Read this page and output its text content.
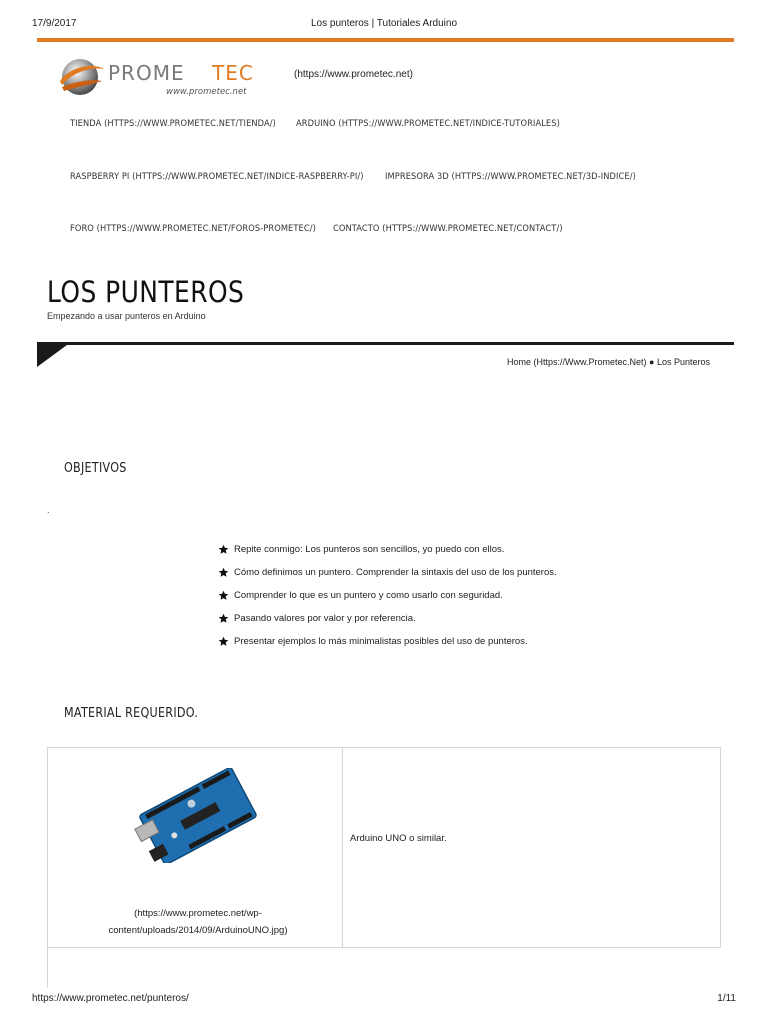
17/9/2017	Los punteros | Tutoriales Arduino
PROME TEC
www.prometec.net
(https://www.prometec.net)
TIENDA (HTTPS://WWW.PROMETEC.NET/TIENDA/) ARDUINO (HTTPS://WWW.PROMETEC.NET/INDICE-TUTORIALES)
RASPBERRY PI (HTTPS://WWW.PROMETEC.NET/INDICE-RASPBERRY-PI/) IMPRESORA 3D (HTTPS://WWW.PROMETEC.NET/3D-INDICE/)
FORO (HTTPS://WWW.PROMETEC.NET/FOROS-PROMETEC/) CONTACTO (HTTPS://WWW.PROMETEC.NET/CONTACT/)
LOS PUNTEROS
Empezando a usar punteros en Arduino
Home (Https://Www.Prometec.Net) ● Los Punteros
OBJETIVOS
.
Repite conmigo: Los punteros son sencillos, yo puedo con ellos.
Cómo definimos un puntero. Comprender la sintaxis del uso de los punteros.
Comprender lo que es un puntero y como usarlo con seguridad.
Pasando valores por valor y por referencia.
Presentar ejemplos lo más minimalistas posibles del uso de punteros.
MATERIAL REQUERIDO.
(https://www.prometec.net/wp-
content/uploads/2014/09/ArduinoUNO.jpg)
Arduino UNO o similar.
https://www.prometec.net/punteros/	1/11
